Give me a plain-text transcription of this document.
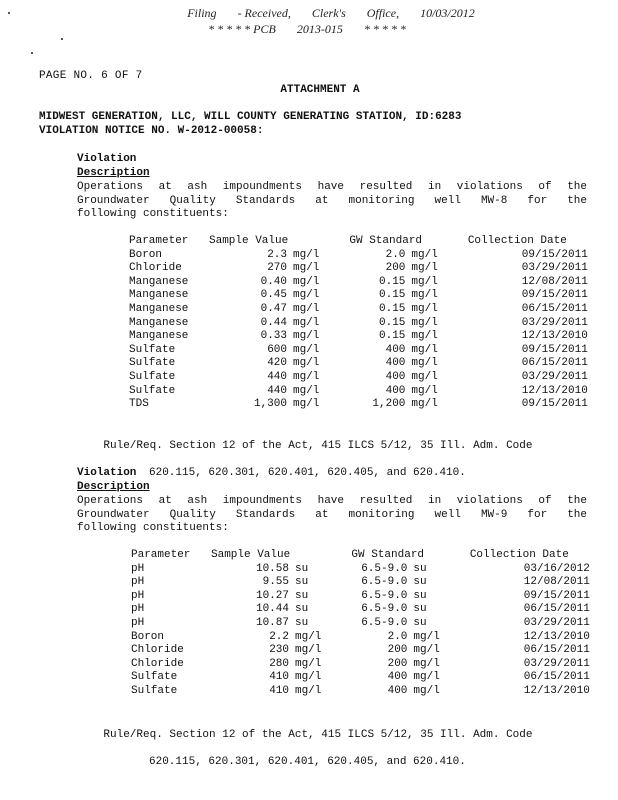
Filing - Received, Clerk's Office, 10/03/2012
* * * * * PCB 2013-015 * * * * *
PAGE NO. 6 OF 7
ATTACHMENT A
MIDWEST GENERATION, LLC, WILL COUNTY GENERATING STATION, ID:6283
VIOLATION NOTICE NO. W-2012-00058:
Violation
Description
Operations at ash impoundments have resulted in violations of the
Groundwater Quality Standards at monitoring well MW-8 for the
following constituents:
Parameter	Sample Value		GW Standard		Collection Date
Boron	2.3	mg/l	2.0	mg/l	09/15/2011
Chloride	270	mg/l	200	mg/l	03/29/2011
Manganese	0.40	mg/l	0.15	mg/l	12/08/2011
Manganese	0.45	mg/l	0.15	mg/l	09/15/2011
Manganese	0.47	mg/l	0.15	mg/l	06/15/2011
Manganese	0.44	mg/l	0.15	mg/l	03/29/2011
Manganese	0.33	mg/l	0.15	mg/l	12/13/2010
Sulfate	600	mg/l	400	mg/l	09/15/2011
Sulfate	420	mg/l	400	mg/l	06/15/2011
Sulfate	440	mg/l	400	mg/l	03/29/2011
Sulfate	440	mg/l	400	mg/l	12/13/2010
TDS	1,300	mg/l	1,200	mg/l	09/15/2011

Rule/Req. Section 12 of the Act, 415 ILCS 5/12, 35 Ill. Adm. Code

620.115, 620.301, 620.401, 620.405, and 620.410.

Violation
Description
Operations at ash impoundments have resulted in violations of the
Groundwater Quality Standards at monitoring well MW-9 for the
following constituents:
Parameter	Sample Value		GW Standard		Collection Date
pH	10.58	su	6.5-9.0	su	03/16/2012
pH	9.55	su	6.5-9.0	su	12/08/2011
pH	10.27	su	6.5-9.0	su	09/15/2011
pH	10.44	su	6.5-9.0	su	06/15/2011
pH	10.87	su	6.5-9.0	su	03/29/2011
Boron	2.2	mg/l	2.0	mg/l	12/13/2010
Chloride	230	mg/l	200	mg/l	06/15/2011
Chloride	280	mg/l	200	mg/l	03/29/2011
Sulfate	410	mg/l	400	mg/l	06/15/2011
Sulfate	410	mg/l	400	mg/l	12/13/2010

Rule/Req. Section 12 of the Act, 415 ILCS 5/12, 35 Ill. Adm. Code

620.115, 620.301, 620.401, 620.405, and 620.410.
